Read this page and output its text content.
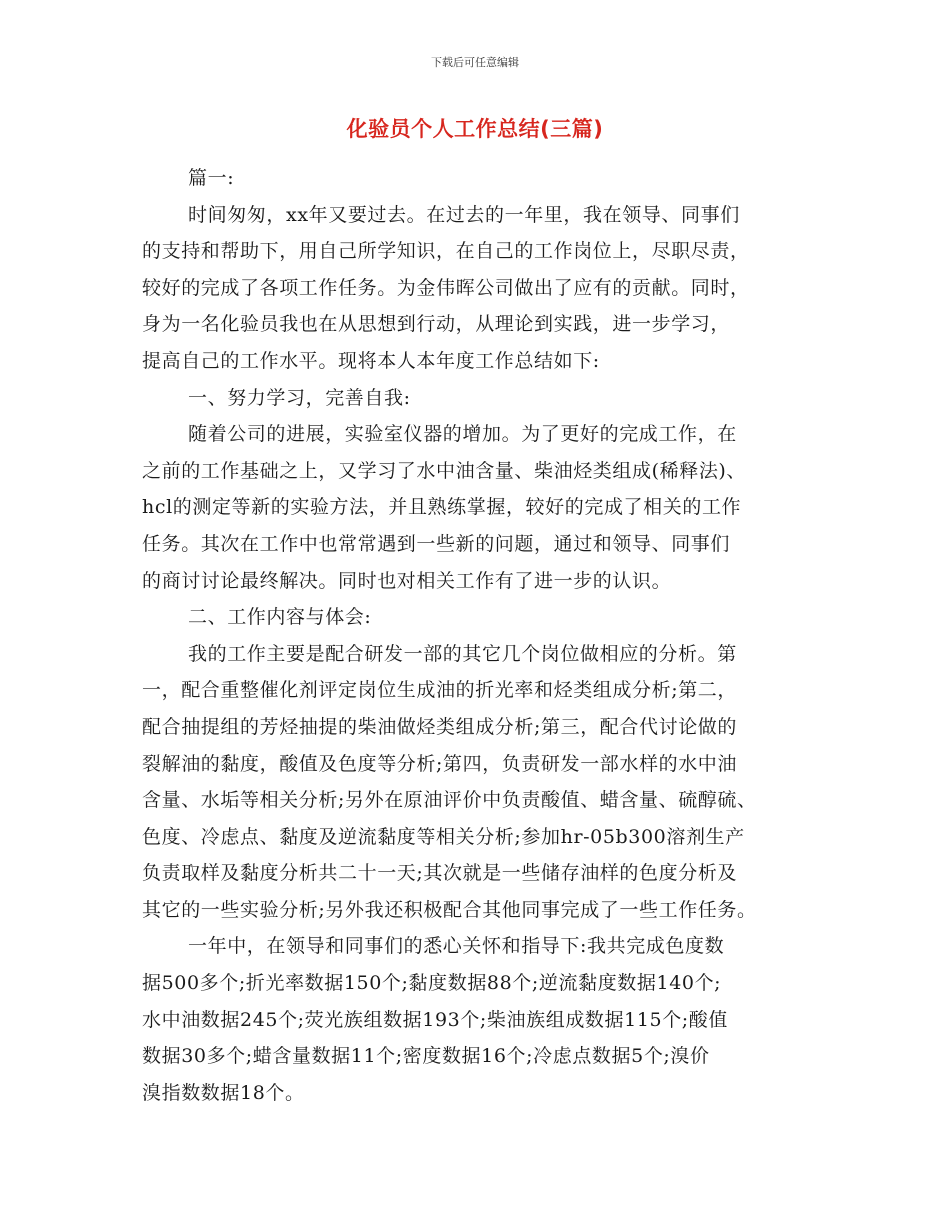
下载后可任意编辑
化验员个人工作总结(三篇)
篇一:
时间匆匆，xx年又要过去。在过去的一年里，我在领导、同事们
的支持和帮助下，用自己所学知识，在自己的工作岗位上，尽职尽责，
较好的完成了各项工作任务。为金伟晖公司做出了应有的贡献。同时，
身为一名化验员我也在从思想到行动，从理论到实践，进一步学习，
提高自己的工作水平。现将本人本年度工作总结如下:
一、努力学习，完善自我:
随着公司的进展，实验室仪器的增加。为了更好的完成工作，在
之前的工作基础之上，又学习了水中油含量、柴油烃类组成(稀释法)、
hcl的测定等新的实验方法，并且熟练掌握，较好的完成了相关的工作
任务。其次在工作中也常常遇到一些新的问题，通过和领导、同事们
的商讨讨论最终解决。同时也对相关工作有了进一步的认识。
二、工作内容与体会:
我的工作主要是配合研发一部的其它几个岗位做相应的分析。第
一，配合重整催化剂评定岗位生成油的折光率和烃类组成分析;第二，
配合抽提组的芳烃抽提的柴油做烃类组成分析;第三，配合代讨论做的
裂解油的黏度，酸值及色度等分析;第四，负责研发一部水样的水中油
含量、水垢等相关分析;另外在原油评价中负责酸值、蜡含量、硫醇硫、
色度、冷虑点、黏度及逆流黏度等相关分析;参加hr-05b300溶剂生产
负责取样及黏度分析共二十一天;其次就是一些储存油样的色度分析及
其它的一些实验分析;另外我还积极配合其他同事完成了一些工作任务。
一年中，在领导和同事们的悉心关怀和指导下:我共完成色度数
据500多个;折光率数据150个;黏度数据88个;逆流黏度数据140个;
水中油数据245个;荧光族组数据193个;柴油族组成数据115个;酸值
数据30多个;蜡含量数据11个;密度数据16个;冷虑点数据5个;溴价
溴指数数据18个。
